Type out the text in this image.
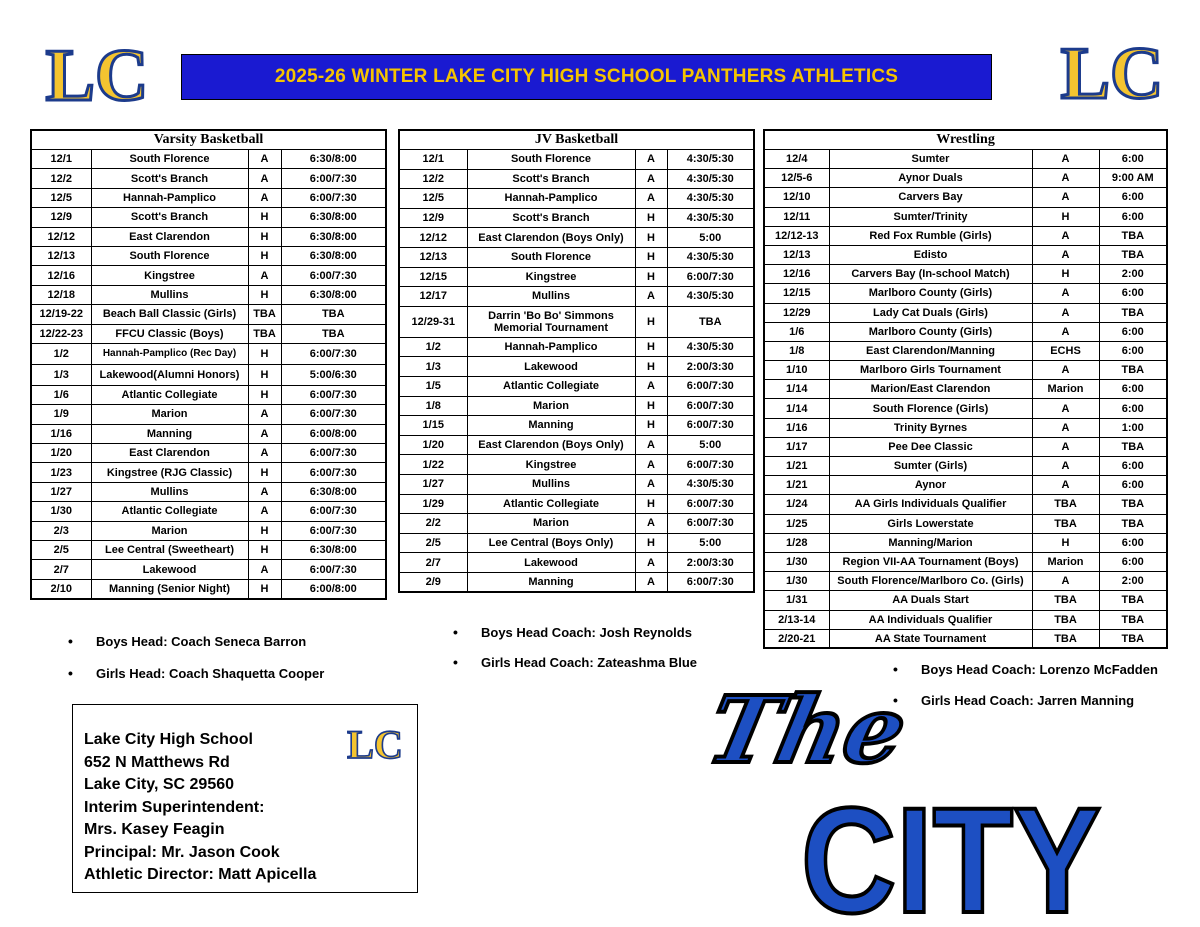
LC	LC
2025-26 WINTER LAKE CITY HIGH SCHOOL PANTHERS ATHLETICS
Varsity Basketball			
12/1	South Florence	A	6:30/8:00
12/2	Scott's Branch	A	6:00/7:30
12/5	Hannah-Pamplico	A	6:00/7:30
12/9	Scott's Branch	H	6:30/8:00
12/12	East Clarendon	H	6:30/8:00
12/13	South Florence	H	6:30/8:00
12/16	Kingstree	A	6:00/7:30
12/18	Mullins	H	6:30/8:00
12/19-22	Beach Ball Classic (Girls)	TBA	TBA
12/22-23	FFCU Classic (Boys)	TBA	TBA
1/2	Hannah-Pamplico (Rec Day)	H	6:00/7:30
1/3	Lakewood(Alumni Honors)	H	5:00/6:30
1/6	Atlantic Collegiate	H	6:00/7:30
1/9	Marion	A	6:00/7:30
1/16	Manning	A	6:00/8:00
1/20	East Clarendon	A	6:00/7:30
1/23	Kingstree (RJG Classic)	H	6:00/7:30
1/27	Mullins	A	6:30/8:00
1/30	Atlantic Collegiate	A	6:00/7:30
2/3	Marion	H	6:00/7:30
2/5	Lee Central (Sweetheart)	H	6:30/8:00
2/7	Lakewood	A	6:00/7:30
2/10	Manning (Senior Night)	H	6:00/8:00
JV Basketball			
12/1	South Florence	A	4:30/5:30
12/2	Scott's Branch	A	4:30/5:30
12/5	Hannah-Pamplico	A	4:30/5:30
12/9	Scott's Branch	H	4:30/5:30
12/12	East Clarendon (Boys Only)	H	5:00
12/13	South Florence	H	4:30/5:30
12/15	Kingstree	H	6:00/7:30
12/17	Mullins	A	4:30/5:30
12/29-31	Darrin 'Bo Bo' Simmons Memorial Tournament	H	TBA
1/2	Hannah-Pamplico	H	4:30/5:30
1/3	Lakewood	H	2:00/3:30
1/5	Atlantic Collegiate	A	6:00/7:30
1/8	Marion	H	6:00/7:30
1/15	Manning	H	6:00/7:30
1/20	East Clarendon (Boys Only)	A	5:00
1/22	Kingstree	A	6:00/7:30
1/27	Mullins	A	4:30/5:30
1/29	Atlantic Collegiate	H	6:00/7:30
2/2	Marion	A	6:00/7:30
2/5	Lee Central (Boys Only)	H	5:00
2/7	Lakewood	A	2:00/3:30
2/9	Manning	A	6:00/7:30
Wrestling			
12/4	Sumter	A	6:00
12/5-6	Aynor Duals	A	9:00 AM
12/10	Carvers Bay	A	6:00
12/11	Sumter/Trinity	H	6:00
12/12-13	Red Fox Rumble (Girls)	A	TBA
12/13	Edisto	A	TBA
12/16	Carvers Bay (In-school Match)	H	2:00
12/15	Marlboro County (Girls)	A	6:00
12/29	Lady Cat Duals (Girls)	A	TBA
1/6	Marlboro County (Girls)	A	6:00
1/8	East Clarendon/Manning	ECHS	6:00
1/10	Marlboro Girls Tournament	A	TBA
1/14	Marion/East Clarendon	Marion	6:00
1/14	South Florence (Girls)	A	6:00
1/16	Trinity Byrnes	A	1:00
1/17	Pee Dee Classic	A	TBA
1/21	Sumter (Girls)	A	6:00
1/21	Aynor	A	6:00
1/24	AA Girls Individuals Qualifier	TBA	TBA
1/25	Girls Lowerstate	TBA	TBA
1/28	Manning/Marion	H	6:00
1/30	Region VII-AA Tournament (Boys)	Marion	6:00
1/30	South Florence/Marlboro Co. (Girls)	A	2:00
1/31	AA Duals Start	TBA	TBA
2/13-14	AA Individuals Qualifier	TBA	TBA
2/20-21	AA State Tournament	TBA	TBA
• Boys Head: Coach Seneca Barron
• Girls Head: Coach Shaquetta Cooper
• Boys Head Coach: Josh Reynolds
• Girls Head Coach: Zateashma Blue	• Boys Head Coach: Lorenzo McFadden
• Girls Head Coach: Jarren Manning
Lake City High School
652 N Matthews Rd
Lake City, SC 29560
Interim Superintendent:
Mrs. Kasey Feagin
Principal: Mr. Jason Cook
Athletic Director: Matt Apicella
LC	The
CITY
